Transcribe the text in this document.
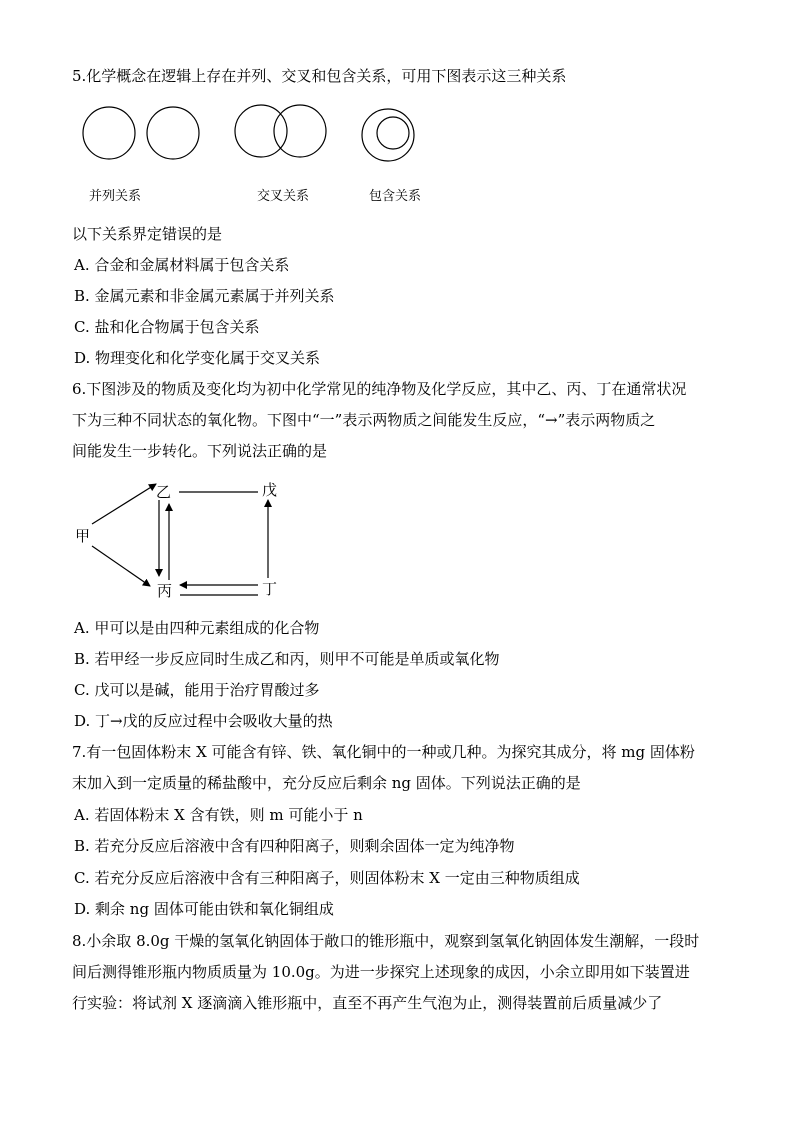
5.化学概念在逻辑上存在并列、交叉和包含关系，可用下图表示这三种关系
并列关系	交叉关系	包含关系
以下关系界定错误的是
A. 合金和金属材料属于包含关系
B. 金属元素和非金属元素属于并列关系
C. 盐和化合物属于包含关系
D. 物理变化和化学变化属于交叉关系
6.下图涉及的物质及变化均为初中化学常见的纯净物及化学反应，其中乙、丙、丁在通常状况
下为三种不同状态的氧化物。下图中“一”表示两物质之间能发生反应，“→”表示两物质之
间能发生一步转化。下列说法正确的是
甲
乙
丙	丁
戊
A. 甲可以是由四种元素组成的化合物
B. 若甲经一步反应同时生成乙和丙，则甲不可能是单质或氧化物
C. 戊可以是碱，能用于治疗胃酸过多
D. 丁→戊的反应过程中会吸收大量的热
7.有一包固体粉末 X 可能含有锌、铁、氧化铜中的一种或几种。为探究其成分，将 mg 固体粉
末加入到一定质量的稀盐酸中，充分反应后剩余 ng 固体。下列说法正确的是
A. 若固体粉末 X 含有铁，则 m 可能小于 n
B. 若充分反应后溶液中含有四种阳离子，则剩余固体一定为纯净物
C. 若充分反应后溶液中含有三种阳离子，则固体粉末 X 一定由三种物质组成
D. 剩余 ng 固体可能由铁和氧化铜组成
8.小余取 8.0g 干燥的氢氧化钠固体于敞口的锥形瓶中，观察到氢氧化钠固体发生潮解，一段时
间后测得锥形瓶内物质质量为 10.0g。为进一步探究上述现象的成因，小余立即用如下装置进
行实验：将试剂 X 逐滴滴入锥形瓶中，直至不再产生气泡为止，测得装置前后质量减少了
